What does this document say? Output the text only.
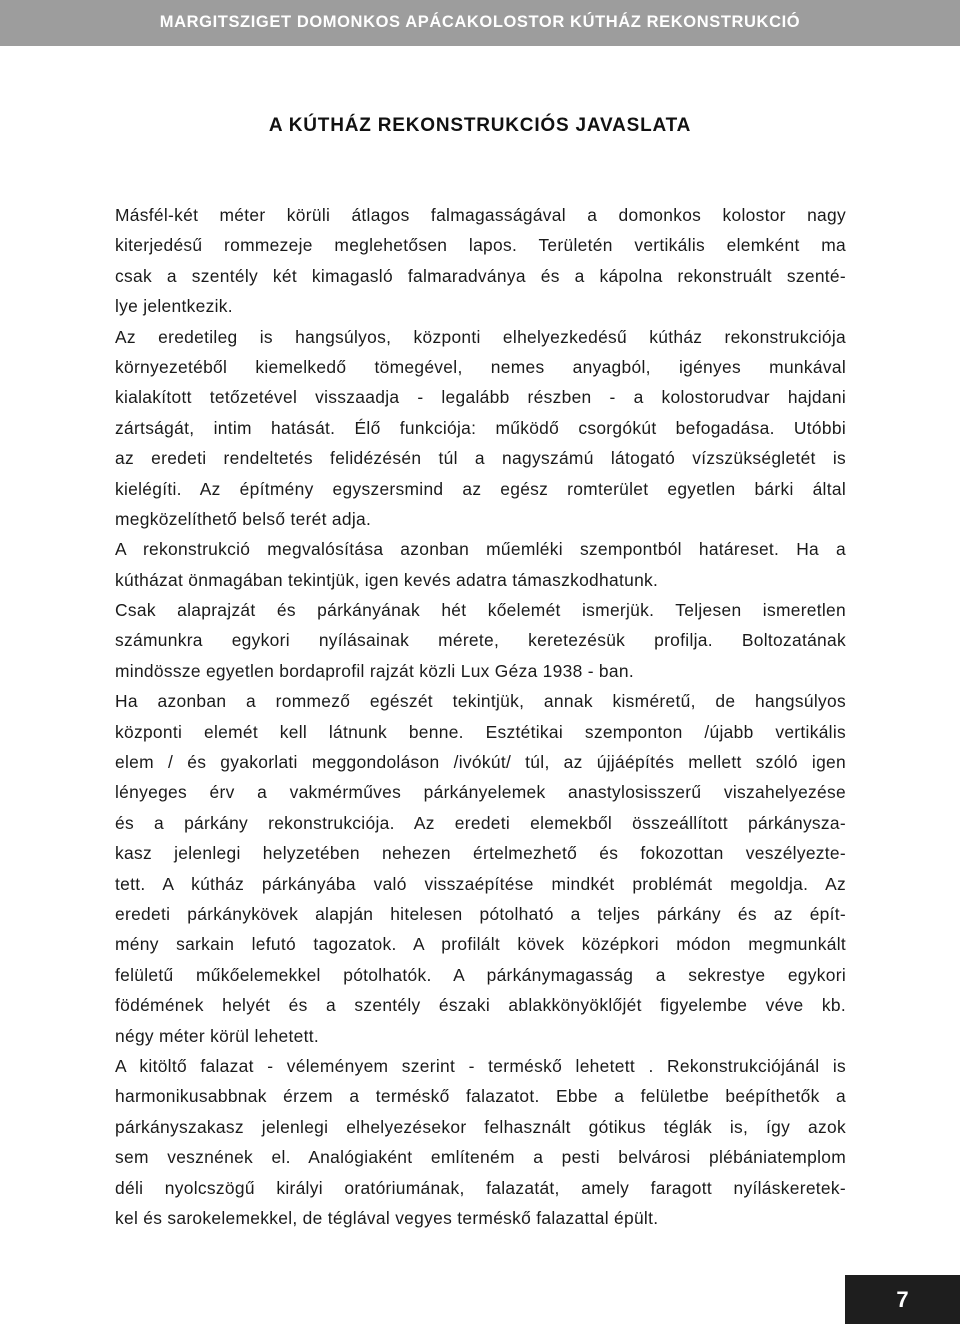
MARGITSZIGET DOMONKOS APÁCAKOLOSTOR KÚTHÁZ REKONSTRUKCIÓ
A KÚTHÁZ REKONSTRUKCIÓS JAVASLATA
Másfél-két méter körüli átlagos falmagasságával a domonkos kolostor nagy
kiterjedésű rommezeje meglehetősen lapos. Területén vertikális elemként ma
csak a szentély két kimagasló falmaradványa és a kápolna rekonstruált szenté-
lye jelentkezik.
Az eredetileg is hangsúlyos, központi elhelyezkedésű kútház rekonstrukciója
környezetéből kiemelkedő tömegével, nemes anyagból, igényes munkával
kialakított tetőzetével visszaadja - legalább részben - a kolostorudvar hajdani
zártságát, intim hatását. Élő funkciója: működő csorgókút befogadása. Utóbbi
az eredeti rendeltetés felidézésén túl a nagyszámú látogató vízszükségletét is
kielégíti. Az építmény egyszersmind az egész romterület egyetlen bárki által
megközelíthető belső terét adja.
A rekonstrukció megvalósítása azonban műemléki szempontból határeset. Ha a
kútházat önmagában tekintjük, igen kevés adatra támaszkodhatunk.
Csak alaprajzát és párkányának hét kőelemét ismerjük. Teljesen ismeretlen
számunkra egykori nyílásainak mérete, keretezésük profilja. Boltozatának
mindössze egyetlen bordaprofil rajzát közli Lux Géza 1938 - ban.
Ha azonban a rommező egészét tekintjük, annak kisméretű, de hangsúlyos
központi elemét kell látnunk benne. Esztétikai szemponton /újabb vertikális
elem / és gyakorlati meggondoláson /ivókút/ túl, az újjáépítés mellett szóló igen
lényeges érv a vakmérműves párkányelemek anastylosisszerű viszahelyezése
és a párkány rekonstrukciója. Az eredeti elemekből összeállított párkánysza-
kasz jelenlegi helyzetében nehezen értelmezhető és fokozottan veszélyezte-
tett. A kútház párkányába való visszaépítése mindkét problémát megoldja. Az
eredeti párkánykövek alapján hitelesen pótolható a teljes párkány és az épít-
mény sarkain lefutó tagozatok. A profilált kövek középkori módon megmunkált
felületű műkőelemekkel pótolhatók. A párkánymagasság a sekrestye egykori
födémének helyét és a szentély északi ablakkönyöklőjét figyelembe véve kb.
négy méter körül lehetett.
A kitöltő falazat - véleményem szerint - terméskő lehetett . Rekonstrukciójánál is
harmonikusabbnak érzem a terméskő falazatot. Ebbe a felületbe beépíthetők a
párkányszakasz jelenlegi elhelyezésekor felhasznált gótikus téglák is, így azok
sem vesznének el. Analógiaként említeném a pesti belvárosi plébániatemplom
déli nyolcszögű királyi oratóriumának, falazatát, amely faragott nyíláskeretek-
kel és sarokelemekkel, de téglával vegyes terméskő falazattal épült.
7
